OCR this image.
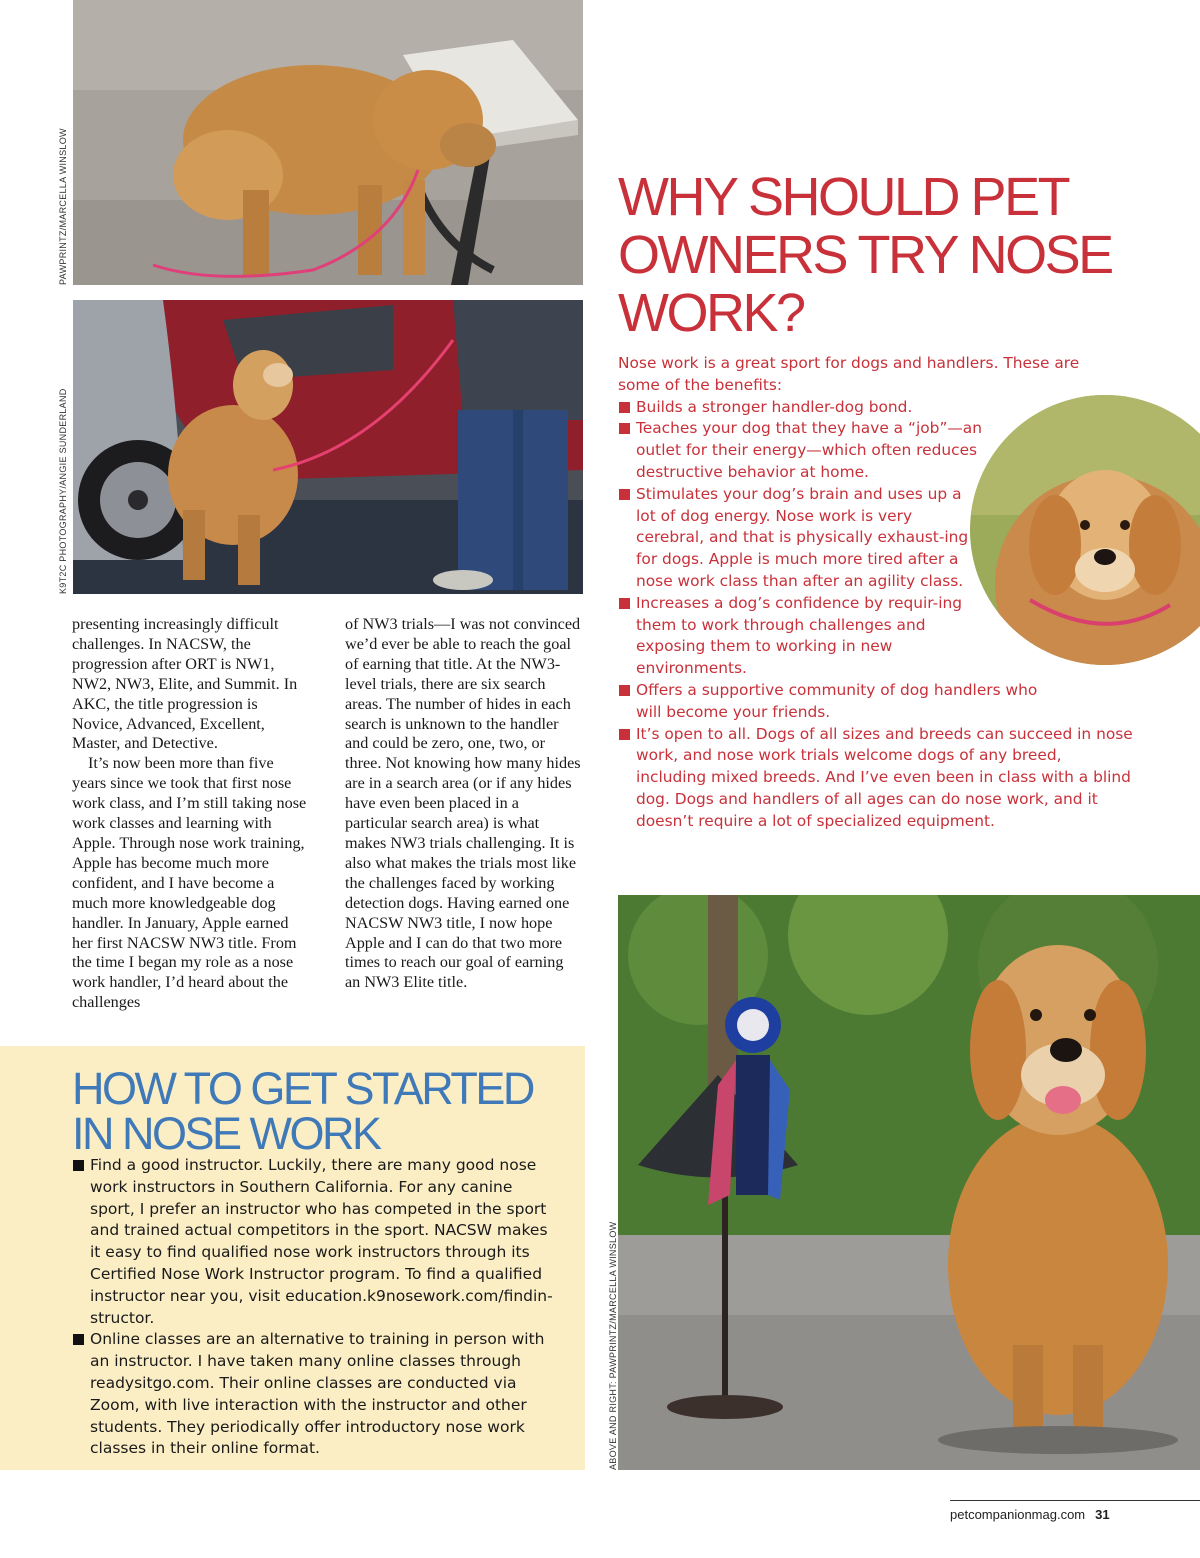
PAWPRINTZ/MARCELLA WINSLOW
K9T2C PHOTOGRAPHY/ANGIE SUNDERLAND

presenting increasingly difficult challenges. In NACSW, the progression after ORT is NW1, NW2, NW3, Elite, and Summit. In AKC, the title progression is Novice, Advanced, Excellent, Master, and Detective.

It’s now been more than five years since we took that first nose work class, and I’m still taking nose work classes and learning with Apple. Through nose work training, Apple has become much more confident, and I have become a much more knowledgeable dog handler. In January, Apple earned her first NACSW NW3 title. From the time I began my role as a nose work handler, I’d heard about the challenges

of NW3 trials—I was not convinced we’d ever be able to reach the goal of earning that title. At the NW3-level trials, there are six search areas. The number of hides in each search is unknown to the handler and could be zero, one, two, or three. Not knowing how many hides are in a search area (or if any hides have even been placed in a particular search area) is what makes NW3 trials challenging. It is also what makes the trials most like the challenges faced by working detection dogs. Having earned one NACSW NW3 title, I now hope Apple and I can do that two more times to reach our goal of earning an NW3 Elite title.

WHY SHOULD PET OWNERS TRY NOSE WORK?

Nose work is a great sport for dogs and handlers. These are some of the benefits:

Builds a stronger handler-dog bond.
Teaches your dog that they have a “job”—an outlet for their energy—which often reduces destructive behavior at home.
Stimulates your dog’s brain and uses up a lot of dog energy. Nose work is very cerebral, and that is physically exhaust-ing for dogs. Apple is much more tired after a nose work class than after an agility class.
Increases a dog’s confidence by requir-ing them to work through challenges and exposing them to working in new environments.
Offers a supportive community of dog handlers who will become your friends.
It’s open to all. Dogs of all sizes and breeds can succeed in nose work, and nose work trials welcome dogs of any breed, including mixed breeds. And I’ve even been in class with a blind dog. Dogs and handlers of all ages can do nose work, and it doesn’t require a lot of specialized equipment.
HOW TO GET STARTED IN NOSE WORK
Find a good instructor. Luckily, there are many good nose work instructors in Southern California. For any canine sport, I prefer an instructor who has competed in the sport and trained actual competitors in the sport. NACSW makes it easy to find qualified nose work instructors through its Certified Nose Work Instructor program. To find a qualified instructor near you, visit education.k9nosework.com/findin-structor.
Online classes are an alternative to training in person with an instructor. I have taken many online classes through readysitgo.com. Their online classes are conducted via Zoom, with live interaction with the instructor and other students. They periodically offer introductory nose work classes in their online format.	ABOVE AND RIGHT: PAWPRINTZ/MARCELLA WINSLOW
petcompanionmag.com 31
